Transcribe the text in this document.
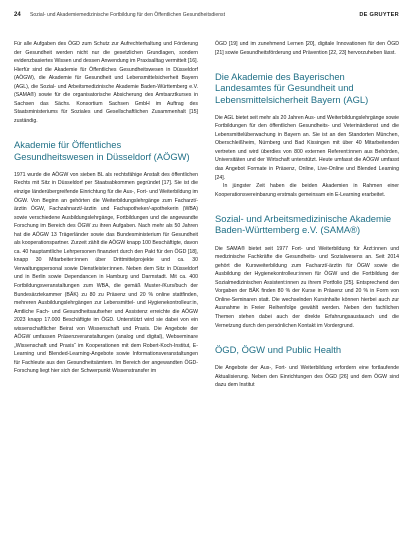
24 Sozial- und Akademiemedizinische Fortbildung für den Öffentlichen Gesundheitsdienst	DE GRUYTER

Für alle Aufgaben des ÖGD zum Schutz zur Aufrechterhaltung und Förderung der Gesundheit werden nicht nur die gesetzlichen Grundlagen, sondern evidenzbasiertes Wissen und dessen Anwendung im Praxisalltag vermittelt [16]. Hierfür sind die Akademie für Öffentliches Gesundheitswesen in Düsseldorf (AÖGW), die Akademie für Gesundheit und Lebensmittelsicherheit Bayern (AGL), die Sozial- und Arbeitsmedizinische Akademie Baden-Württemberg e.V. (SAMA®) sowie für die organisatorische Absicherung des Amtsarztkurses in Sachsen das Sächs. Konsortium Sachsen GmbH im Auftrag des Staatsministeriums für Soziales und Gesellschaftlichen Zusammenhalt [15] zuständig.

Akademie für Öffentliches Gesundheitswesen in Düsseldorf (AÖGW)

1971 wurde die AÖGW von sieben BL als rechtsfähige Anstalt des öffentlichen Rechts mit Sitz in Düsseldorf per Staatsabkommen gegründet [17]. Sie ist die einzige länderübergreifende Einrichtung für die Aus-, Fort- und Weiterbildung im ÖGW. Von Beginn an gehörten die Weiterbildungslehrgänge zum Facharzt/-ärztin ÖGW, Fachzahnarzt/-ärztin und Fachapotheker/-apothekerin (WBA) sowie verschiedene Ausbildungslehrgänge, Fortbildungen und die angewandte Forschung im Bereich des ÖGW zu ihren Aufgaben. Nach mehr als 50 Jahren hat die AÖGW 13 Trägerländer sowie das Bundesministerium für Gesundheit als kooperationspartner. Zurzeit zählt die AÖGW knapp 100 Beschäftigte, davon ca. 40 hauptamtliche Lehrpersonen finanziert durch den Pakt für den ÖGD [18], knapp 30 Mitarbeiter:innen über Drittmittelprojekte und ca. 30 Verwaltungspersonal sowie Dienstleister:innen. Neben dem Sitz in Düsseldorf und in Berlin sowie Dependancen in Hamburg und Darmstadt. Mit ca. 400 Fortbildungsveranstaltungen zum WBA, die gemäß Muster-/Kurs/buch der Bundesärztekammer (BÄK) zu 80 zu Präsenz und 20 % online stattfinden, mehreren Ausbildungslehrgängen zur Lebensmittel- und Hygienekontrolleur:in, Amtliche Fach- und Gesundheitsaufseher und Assistenz erreichte die AÖGW 2023 knapp 17.000 Beschäftigte im ÖGD. Unterstützt wird sie dabei von ein wissenschaftlicher Beirat von Wissenschaft und Praxis. Die Angebote der AÖGW umfassen Präsenzveranstaltungen (analog und digital), Webseminare „Wissenschaft und Praxis“ im Kooperationen mit dem Robert-Koch-Institut, E-Learning und Blended-Learning-Angebote sowie Informationsveranstaltungen für Fachleute aus den Gesundheitsämtern. Im Bereich der angewandten ÖGD-Forschung liegt hier sich der Schwerpunkt Wissenstransfer im

ÖGD [19] und im zunehmend Lernen [20], digitale Innovationen für den ÖGD [21] sowie Gesundheitsförderung und Prävention [22, 23] hervorzuheben lässt.

Die Akademie des Bayerischen Landesamtes für Gesundheit und Lebensmittelsicherheit Bayern (AGL)

Die AGL bietet seit mehr als 20 Jahren Aus- und Weiterbildungslehrgänge sowie Fortbildungen für den öffentlichen Gesundheits- und Veterinärdienst und die Lebensmittelüberwachung in Bayern an. Sie ist an den Standorten München, Oberschleißheim, Nürnberg und Bad Kissingen mit über 40 Mitarbeitenden vertreten und wird überdies von 800 externen Referent:innen aus Behörden, Universitäten und der Wirtschaft unterstützt. Heute umfasst die AÖGW umfasst das Angebot Formate in Präsenz, Online, Live-Online und Blended Learning [24].

In jüngster Zeit haben die beiden Akademien in Rahmen einer Kooperationsvereinbarung erstmals gemeinsam ein E-Learning erarbeitet.

Sozial- und Arbeitsmedizinische Akademie Baden-Württemberg e.V. (SAMA®)

Die SAMA® bietet seit 1977 Fort- und Weiterbildung für Ärzt:innen und medizinische Fachkräfte die Gesundheits- und Sozialwesens an. Seit 2014 gehört die Kursweiterbildung zum Facharzt/-ärztin für ÖGW sowie die Ausbildung der Hygienekontrolleur:innen für ÖGW und die Fortbildung der Sozialmedizinischen Assistent:innen zu ihrem Portfolio [25]. Entsprechend den Vorgaben der BÄK finden 80 % der Kurse in Präsenz und 20 % in Form von Online-Seminaren statt. Die wechselnden Kursinhalte können hierbei auch zur Ausnahme in Freier Reihenfolge gewählt werden. Neben den fachlichen Themen stehen dabei auch der direkte Erfahrungsaustausch und die Vernetzung durch den persönlichen Kontakt im Vordergrund.

ÖGD, ÖGW und Public Health

Die Angebote der Aus-, Fort- und Weiterbildung erfordern eine fortlaufende Aktualisierung. Neben den Einrichtungen des ÖGD [26] und dem ÖGW sind dazu dem Institut
